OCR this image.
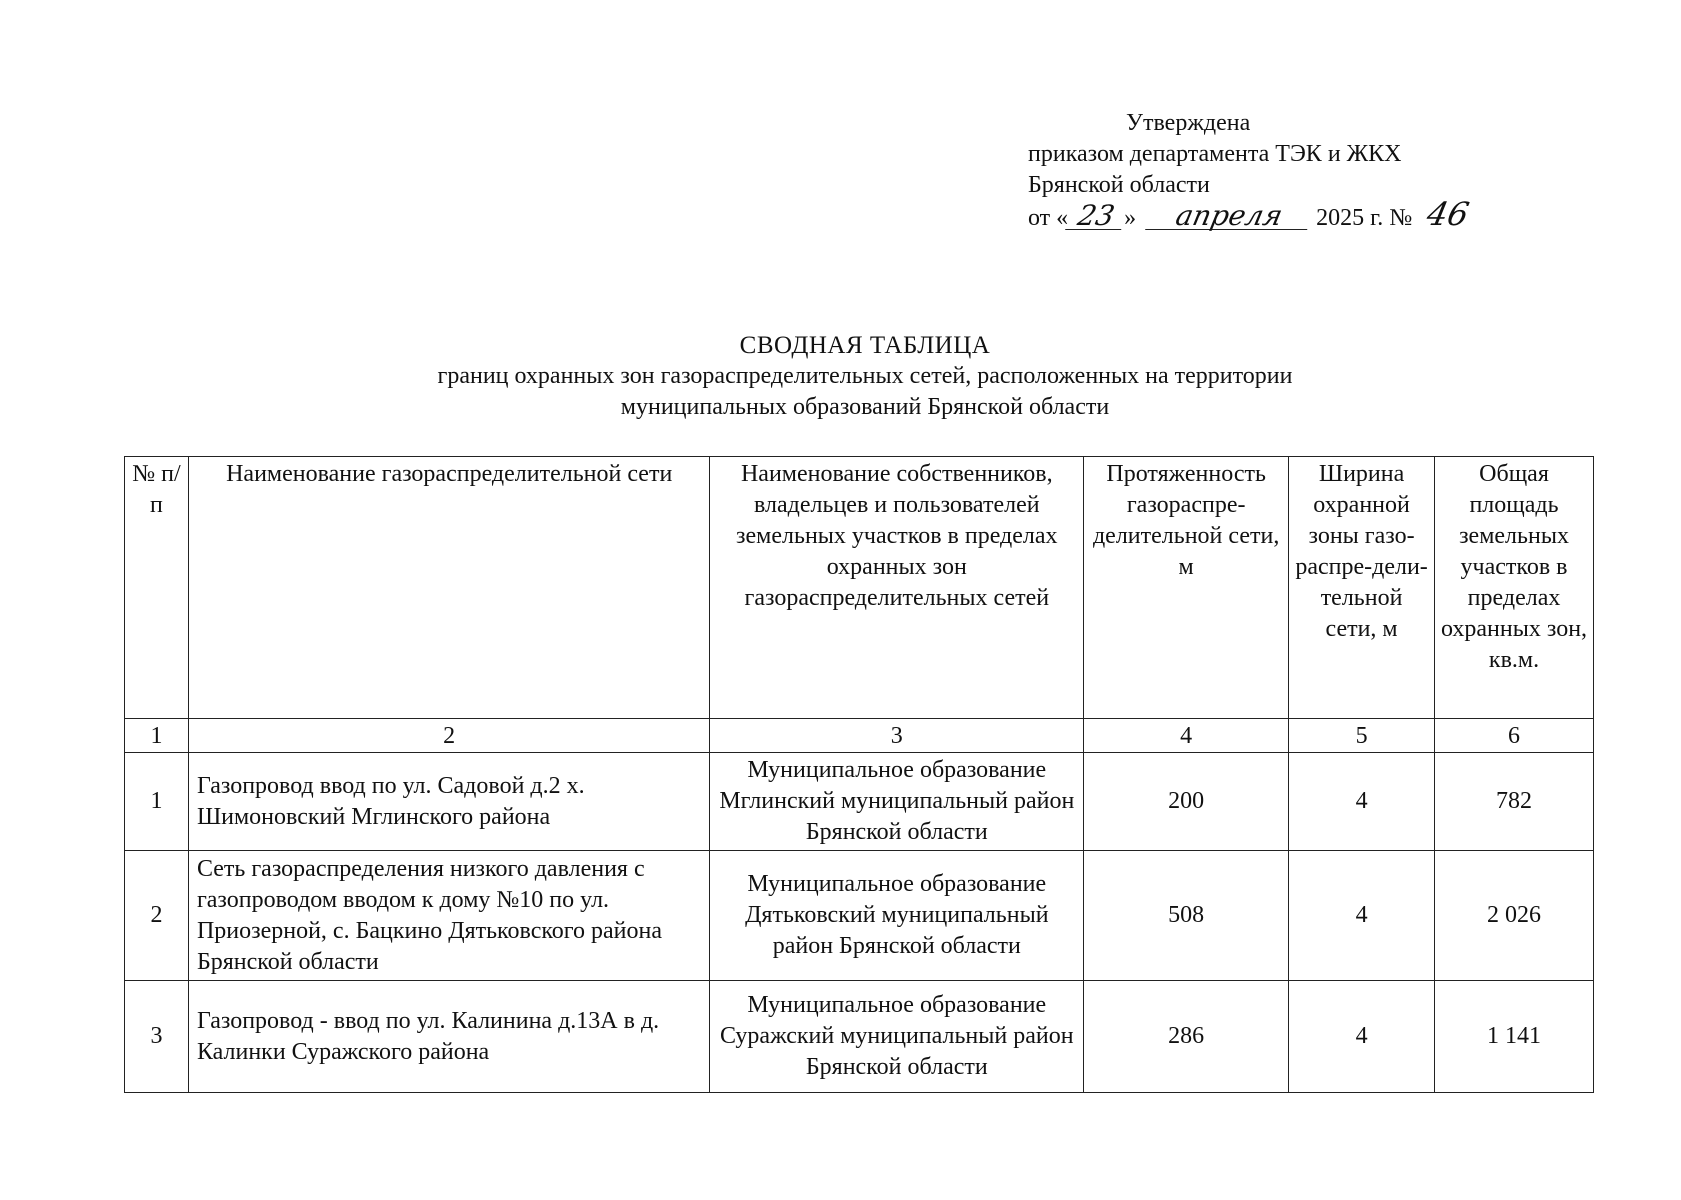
Утверждена
приказом департамента ТЭК и ЖКХ
Брянской области
от « 23 » апреля 2025 г. № 46
СВОДНАЯ ТАБЛИЦА
границ охранных зон газораспределительных сетей, расположенных на территории
муниципальных образований Брянской области
№ п/п	Наименование газораспределительной сети	Наименование собственников, владельцев и пользователей земельных участков в пределах охранных зон газораспределительных сетей	Протяженность газораспре-делительной сети, м	Ширина охранной зоны газо-распре-дели-тельной сети, м	Общая площадь земельных участков в пределах охранных зон, кв.м.
1	2	3	4	5	6
1	Газопровод ввод по ул. Садовой д.2 х. Шимоновский Мглинского района	Муниципальное образование Мглинский муниципальный район Брянской области	200	4	782
2	Сеть газораспределения низкого давления с газопроводом вводом к дому №10 по ул. Приозерной, с. Бацкино Дятьковского района Брянской области	Муниципальное образование Дятьковский муниципальный район Брянской области	508	4	2 026
3	Газопровод - ввод по ул. Калинина д.13А в д. Калинки Суражского района	Муниципальное образование Суражский муниципальный район Брянской области	286	4	1 141
